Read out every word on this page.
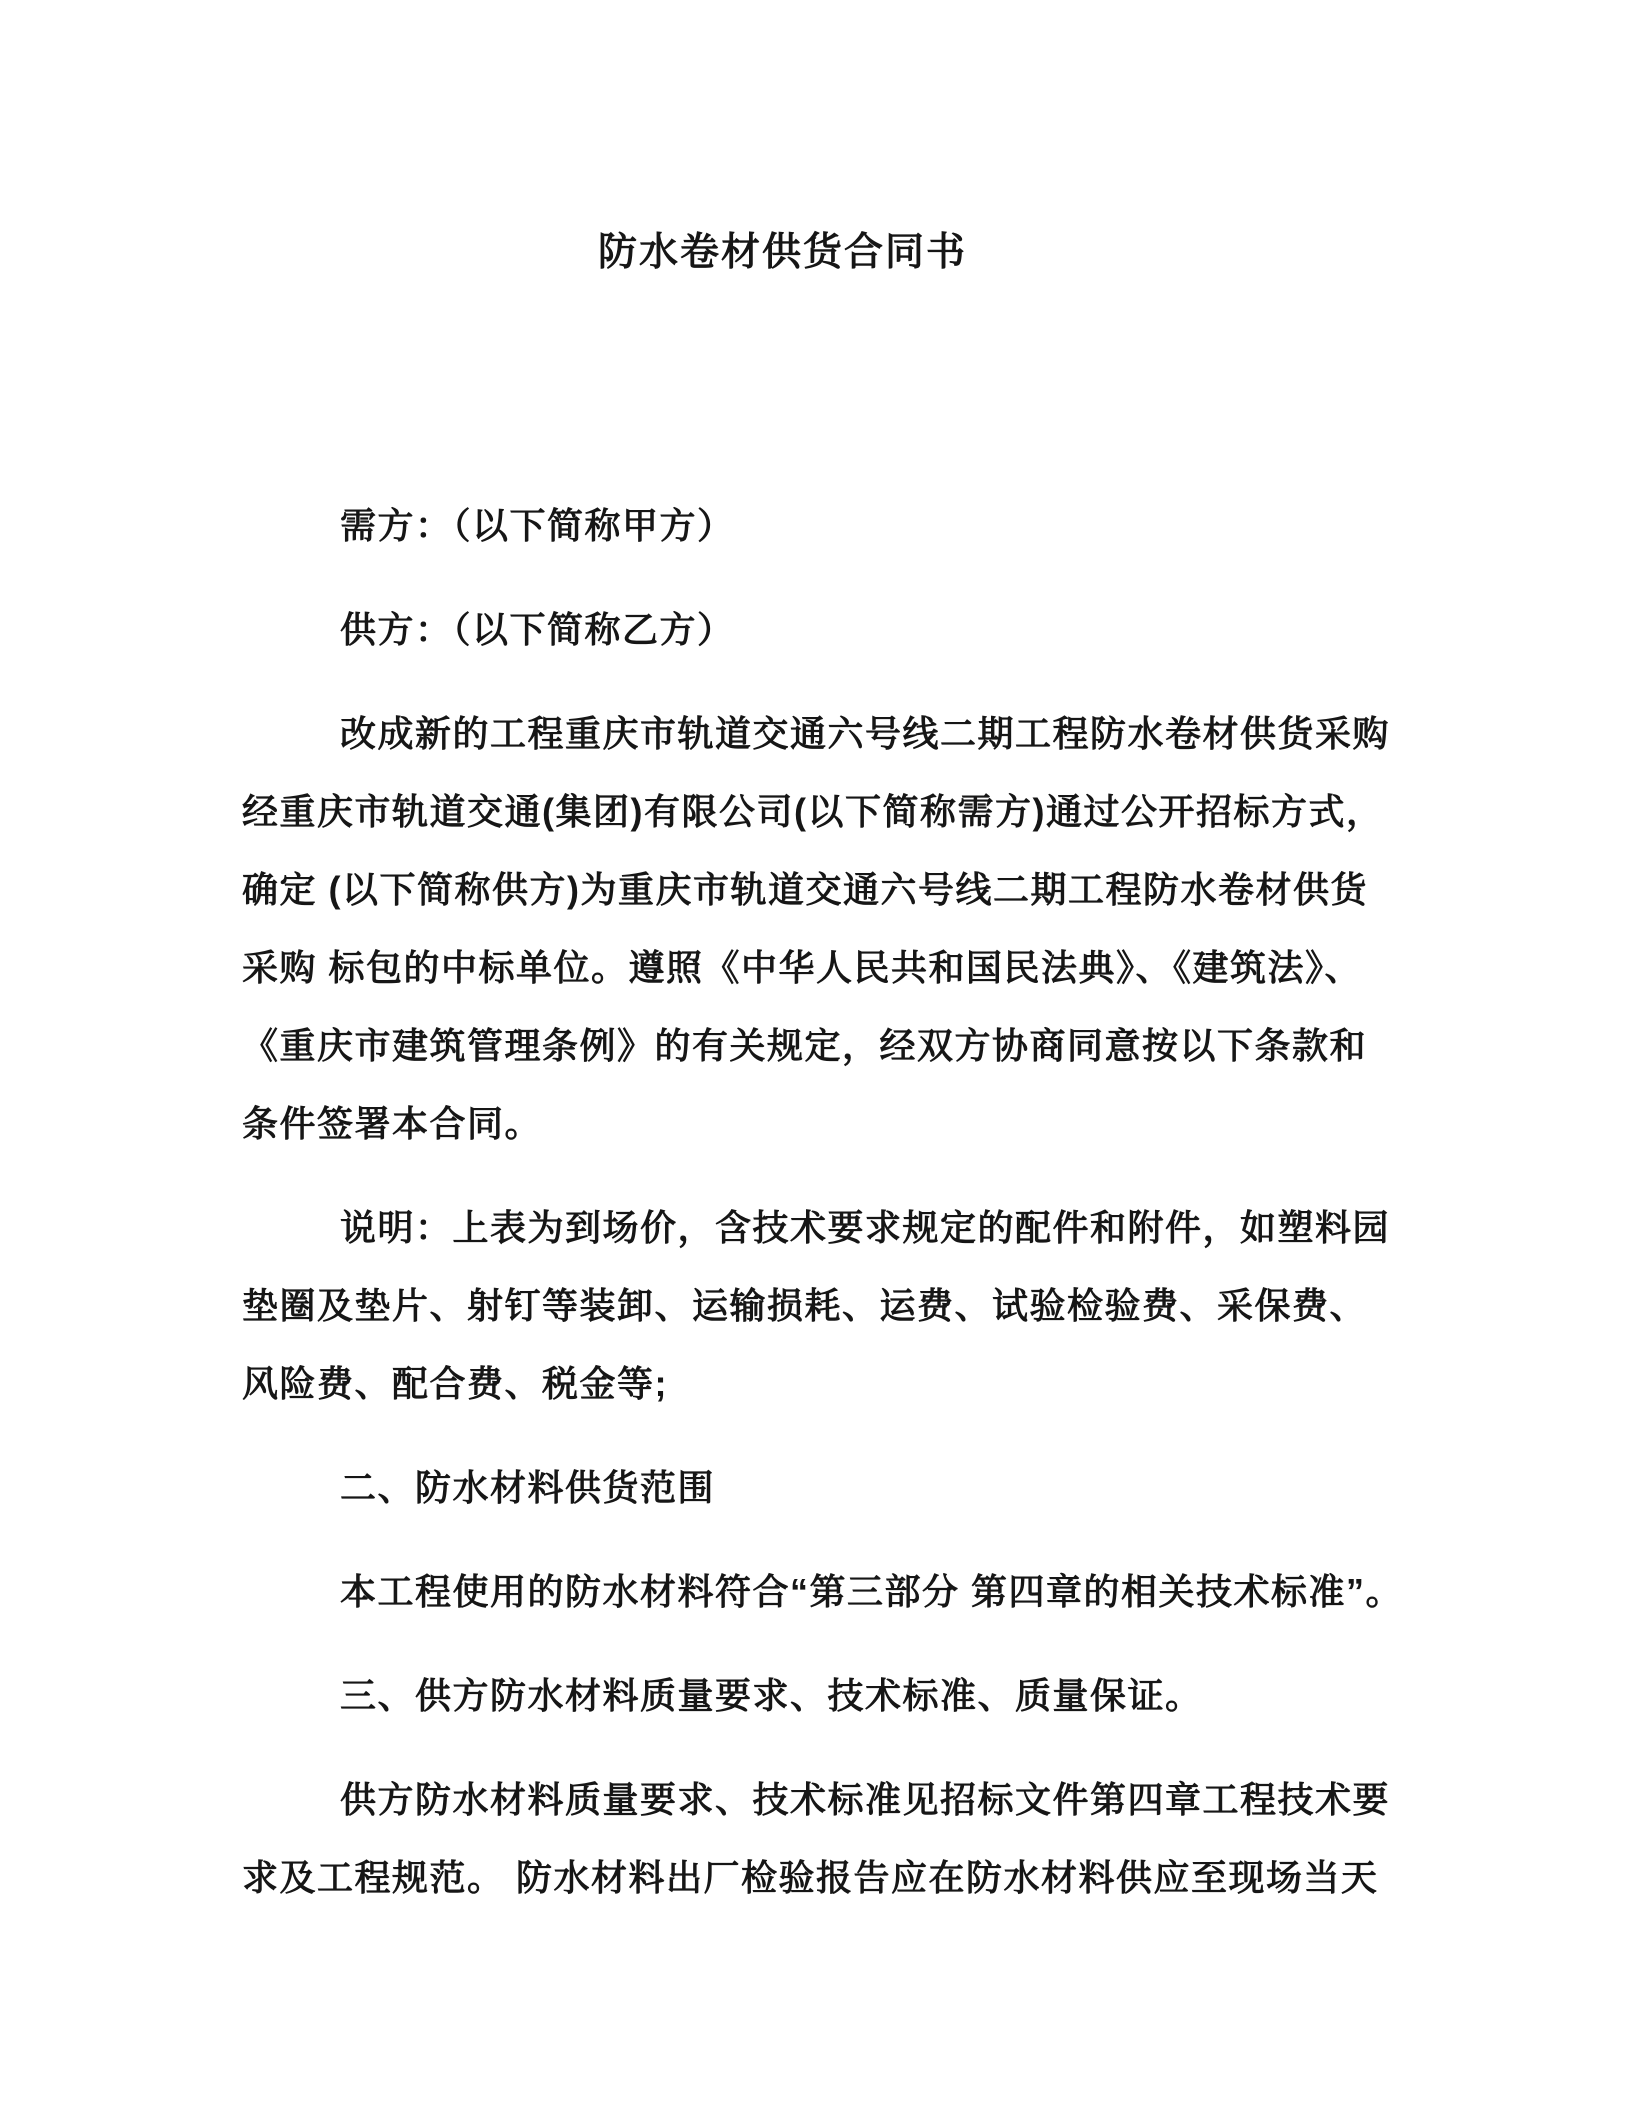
防水卷材供货合同书
需方：（以下简称甲方）
供方：（以下简称乙方）
改成新的工程重庆市轨道交通六号线二期工程防水卷材供货采购
经重庆市轨道交通(集团)有限公司(以下简称需方)通过公开招标方式，
确定 (以下简称供方)为重庆市轨道交通六号线二期工程防水卷材供货
采购 标包的中标单位。遵照《中华人民共和国民法典》、《建筑法》、
《重庆市建筑管理条例》的有关规定，经双方协商同意按以下条款和
条件签署本合同。
说明：上表为到场价，含技术要求规定的配件和附件，如塑料园
垫圈及垫片、射钉等装卸、运输损耗、运费、试验检验费、采保费、
风险费、配合费、税金等;
二、防水材料供货范围
本工程使用的防水材料符合“第三部分 第四章的相关技术标准”。
三、供方防水材料质量要求、技术标准、质量保证。
供方防水材料质量要求、技术标准见招标文件第四章工程技术要
求及工程规范。 防水材料出厂检验报告应在防水材料供应至现场当天
